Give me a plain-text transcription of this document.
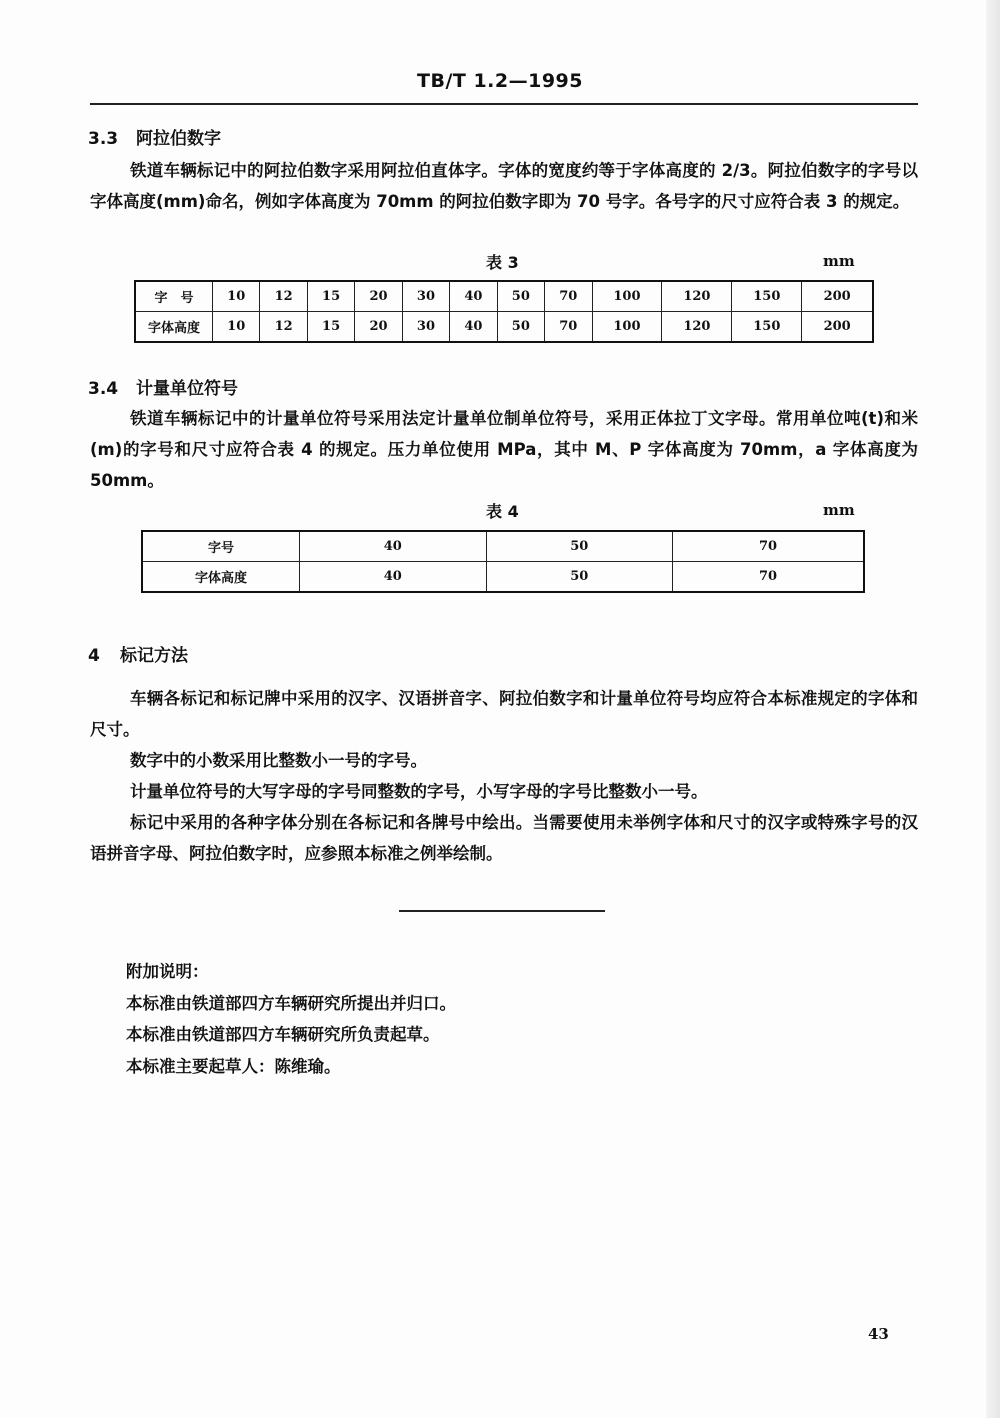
TB/T 1.2—1995
3.3 阿拉伯数字

铁道车辆标记中的阿拉伯数字采用阿拉伯直体字。字体的宽度约等于字体高度的 2/3。阿拉伯数字的字号以字体高度(mm)命名，例如字体高度为 70mm 的阿拉伯数字即为 70 号字。各号字的尺寸应符合表 3 的规定。

表 3	mm
字　号	10	12	15	20	30	40	50	70	100	120	150	200
字体高度	10	12	15	20	30	40	50	70	100	120	150	200
3.4 计量单位符号

铁道车辆标记中的计量单位符号采用法定计量单位制单位符号，采用正体拉丁文字母。常用单位吨(t)和米(m)的字号和尺寸应符合表 4 的规定。压力单位使用 MPa，其中 M、P 字体高度为 70mm，a 字体高度为 50mm。

表 4	mm
字号	40	50	70
字体高度	40	50	70
4 标记方法

车辆各标记和标记牌中采用的汉字、汉语拼音字、阿拉伯数字和计量单位符号均应符合本标准规定的字体和尺寸。

数字中的小数采用比整数小一号的字号。

计量单位符号的大写字母的字号同整数的字号，小写字母的字号比整数小一号。

标记中采用的各种字体分别在各标记和各牌号中绘出。当需要使用未举例字体和尺寸的汉字或特殊字号的汉语拼音字母、阿拉伯数字时，应参照本标准之例举绘制。

附加说明：
本标准由铁道部四方车辆研究所提出并归口。
本标准由铁道部四方车辆研究所负责起草。
本标准主要起草人：陈维瑜。
43
